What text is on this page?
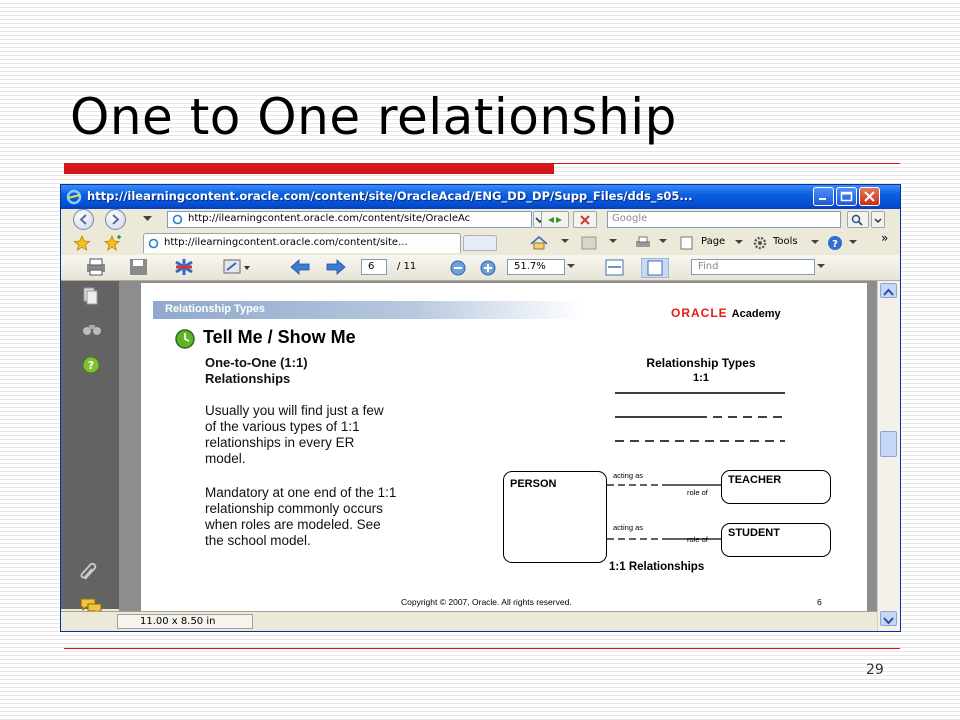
One to One relationship
http://ilearningcontent.oracle.com/content/site/OracleAcad/ENG_DD_DP/Supp_Files/dds_s05...
http://ilearningcontent.oracle.com/content/site/OracleAc	Google
http://ilearningcontent.oracle.com/content/site...	Page	Tools	?	»
6 / 11	51.7%	Find
?
Relationship Types	ORACLE Academy
Tell Me / Show Me
One-to-One (1:1)
Relationships
Usually you will find just a few
of the various types of 1:1
relationships in every ER
model.
Mandatory at one end of the 1:1
relationship commonly occurs
when roles are modeled. See
the school model.
Relationship Types
1:1
PERSON	TEACHER
STUDENT
acting as
role of
acting as
role of
1:1 Relationships
Copyright © 2007, Oracle. All rights reserved.	6
11.00 x 8.50 in
29
